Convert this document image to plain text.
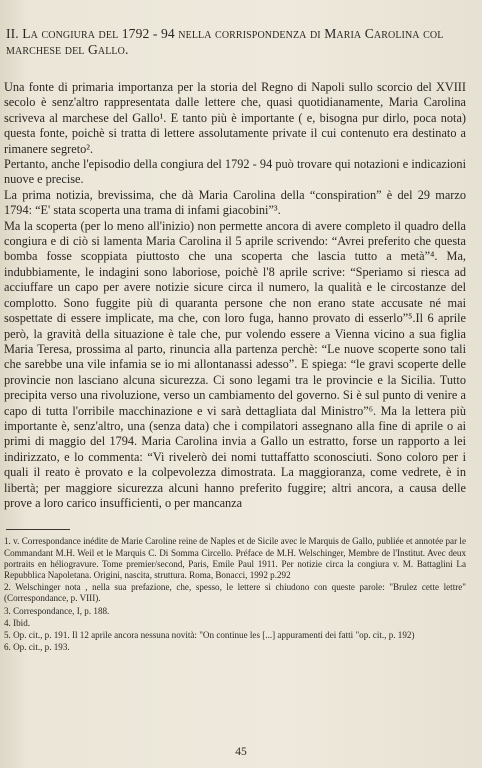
II. La congiura del 1792 - 94 nella corrispondenza di Maria Carolina col marchese del Gallo.

Una fonte di primaria importanza per la storia del Regno di Napoli sullo scorcio del XVIII secolo è senz'altro rappresentata dalle lettere che, quasi quotidianamente, Maria Carolina scriveva al marchese del Gallo¹. E tanto più è importante ( e, bisogna pur dirlo, poca nota) questa fonte, poichè si tratta di lettere assolutamente private il cui contenuto era destinato a rimanere segreto².

Pertanto, anche l'episodio della congiura del 1792 - 94 può trovare qui notazioni e indicazioni nuove e precise.

La prima notizia, brevissima, che dà Maria Carolina della “conspiration” è del 29 marzo 1794: “E' stata scoperta una trama di infami giacobini”³.

Ma la scoperta (per lo meno all'inizio) non permette ancora di avere completo il quadro della congiura e di ciò si lamenta Maria Carolina il 5 aprile scrivendo: “Avrei preferito che questa bomba fosse scoppiata piuttosto che una scoperta che lascia tutto a metà”⁴. Ma, indubbiamente, le indagini sono laboriose, poichè l'8 aprile scrive: “Speriamo si riesca ad acciuffare un capo per avere notizie sicure circa il numero, la qualità e le circostanze del complotto. Sono fuggite più di quaranta persone che non erano state accusate né mai sospettate di essere implicate, ma che, con loro fuga, hanno provato di esserlo”⁵.Il 6 aprile però, la gravità della situazione è tale che, pur volendo essere a Vienna vicino a sua figlia Maria Teresa, prossima al parto, rinuncia alla partenza perchè: “Le nuove scoperte sono tali che sarebbe una vile infamia se io mi allontanassi adesso”. E spiega: “le gravi scoperte delle provincie non lasciano alcuna sicurezza. Ci sono legami tra le provincie e la Sicilia. Tutto precipita verso una rivoluzione, verso un cambiamento del governo. Si è sul punto di venire a capo di tutta l'orribile macchinazione e vi sarà dettagliata dal Ministro”⁶. Ma la lettera più importante è, senz'altro, una (senza data) che i compilatori assegnano alla fine di aprile o ai primi di maggio del 1794. Maria Carolina invia a Gallo un estratto, forse un rapporto a lei indirizzato, e lo commenta: “Vi rivelerò dei nomi tuttaffatto sconosciuti. Sono coloro per i quali il reato è provato e la colpevolezza dimostrata. La maggioranza, come vedrete, è in libertà; per maggiore sicurezza alcuni hanno preferito fuggire; altri ancora, a causa delle prove a loro carico insufficienti, o per mancanza

1. v. Correspondance inédite de Marie Caroline reine de Naples et de Sicile avec le Marquis de Gallo, publiée et annotée par le Commandant M.H. Weil et le Marquis C. Di Somma Circello. Préface de M.H. Welschinger, Membre de l'Institut. Avec deux portraits en héliogravure. Tome premier/second, Paris, Emile Paul 1911. Per notizie circa la congiura v. M. Battaglini La Repubblica Napoletana. Origini, nascita, struttura. Roma, Bonacci, 1992 p.292

2. Welschinger nota , nella sua prefazione, che, spesso, le lettere si chiudono con queste parole: "Brulez cette lettre" (Correspondance, p. VIII).

3. Correspondance, I, p. 188.

4. Ibid.

5. Op. cit., p. 191. Il 12 aprile ancora nessuna novità: "On continue les [...] appuramenti dei fatti "op. cit., p. 192)

6. Op. cit., p. 193.

45
